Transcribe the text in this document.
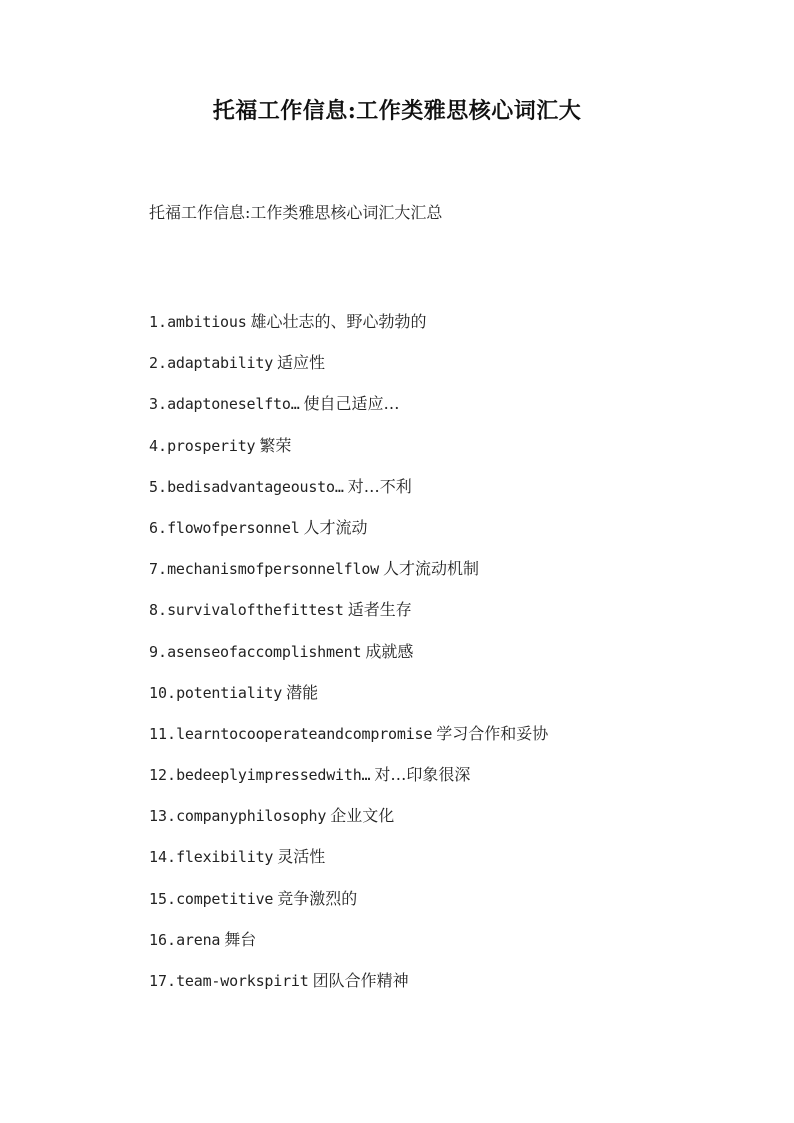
托福工作信息:工作类雅思核心词汇大
托福工作信息:工作类雅思核心词汇大汇总
1.ambitious 雄心壮志的、野心勃勃的
2.adaptability 适应性
3.adaptoneselfto… 使自己适应…
4.prosperity 繁荣
5.bedisadvantageousto… 对…不利
6.flowofpersonnel 人才流动
7.mechanismofpersonnelflow 人才流动机制
8.survivalofthefittest 适者生存
9.asenseofaccomplishment 成就感
10.potentiality 潜能
11.learntocooperateandcompromise 学习合作和妥协
12.bedeeplyimpressedwith… 对…印象很深
13.companyphilosophy 企业文化
14.flexibility 灵活性
15.competitive 竞争激烈的
16.arena 舞台
17.team-workspirit 团队合作精神
